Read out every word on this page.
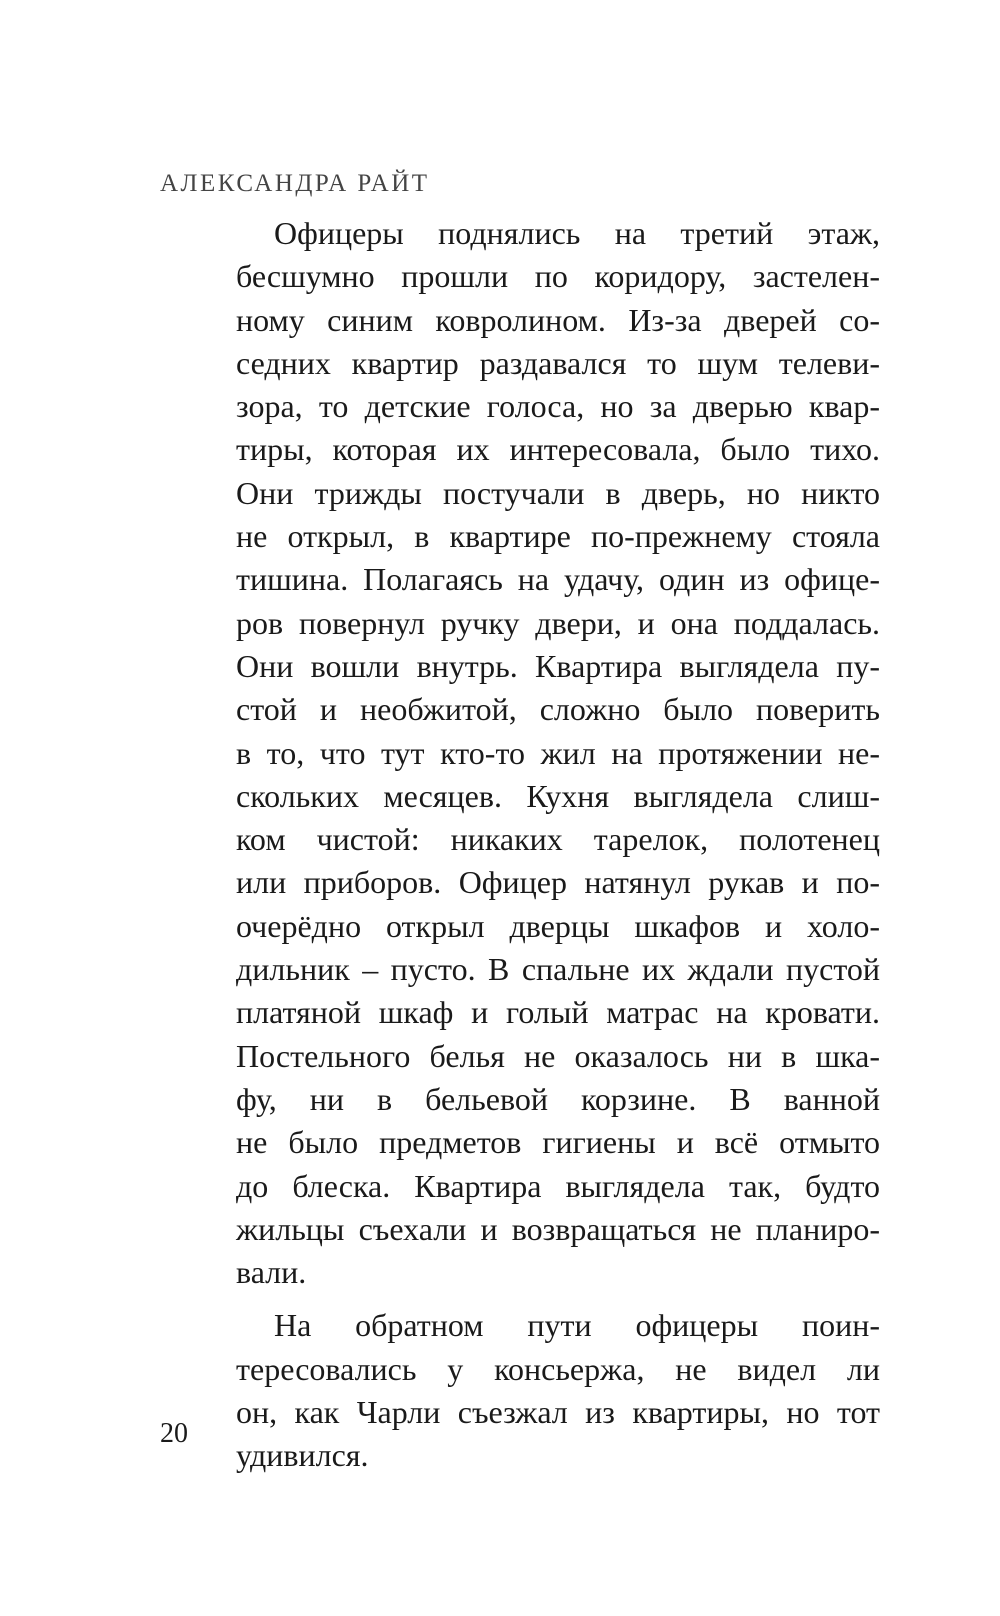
АЛЕКСАНДРА РАЙТ
Офицеры поднялись на третий этаж,
бесшумно прошли по коридору, застелен-
ному синим ковролином. Из-за дверей со-
седних квартир раздавался то шум телеви-
зора, то детские голоса, но за дверью квар-
тиры, которая их интересовала, было тихо.
Они трижды постучали в дверь, но никто
не открыл, в квартире по-прежнему стояла
тишина. Полагаясь на удачу, один из офице-
ров повернул ручку двери, и она поддалась.
Они вошли внутрь. Квартира выглядела пу-
стой и необжитой, сложно было поверить
в то, что тут кто-то жил на протяжении не-
скольких месяцев. Кухня выглядела слиш-
ком чистой: никаких тарелок, полотенец
или приборов. Офицер натянул рукав и по-
очерёдно открыл дверцы шкафов и холо-
дильник – пусто. В спальне их ждали пустой
платяной шкаф и голый матрас на кровати.
Постельного белья не оказалось ни в шка-
фу, ни в бельевой корзине. В ванной
не было предметов гигиены и всё отмыто
до блеска. Квартира выглядела так, будто
жильцы съехали и возвращаться не планиро-
вали.
На обратном пути офицеры поин-
тересовались у консьержа, не видел ли
он, как Чарли съезжал из квартиры, но тот
удивился.
20
